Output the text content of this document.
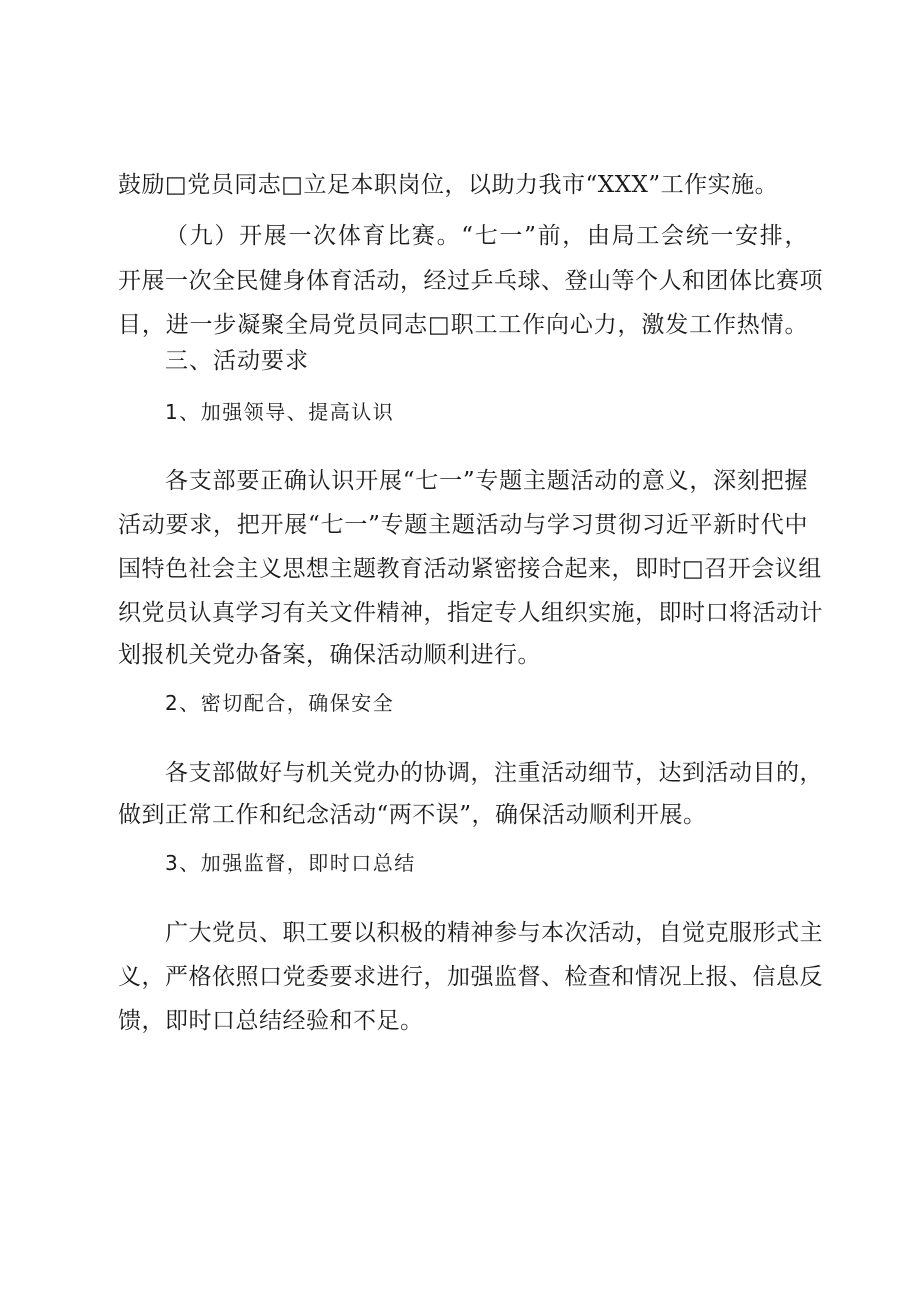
鼓励□党员同志□立足本职岗位，以助力我市“XXX”工作实施。
（九）开展一次体育比赛。“七一”前，由局工会统一安排，
开展一次全民健身体育活动，经过乒乓球、登山等个人和团体比赛项
目，进一步凝聚全局党员同志□职工工作向心力，激发工作热情。
三、活动要求
1、加强领导、提高认识
各支部要正确认识开展“七一”专题主题活动的意义，深刻把握
活动要求，把开展“七一”专题主题活动与学习贯彻习近平新时代中
国特色社会主义思想主题教育活动紧密接合起来，即时□召开会议组
织党员认真学习有关文件精神，指定专人组织实施，即时口将活动计
划报机关党办备案，确保活动顺利进行。
2、密切配合，确保安全
各支部做好与机关党办的协调，注重活动细节，达到活动目的，
做到正常工作和纪念活动“两不误”，确保活动顺利开展。
3、加强监督，即时口总结
广大党员、职工要以积极的精神参与本次活动，自觉克服形式主
义，严格依照口党委要求进行，加强监督、检查和情况上报、信息反
馈，即时口总结经验和不足。
